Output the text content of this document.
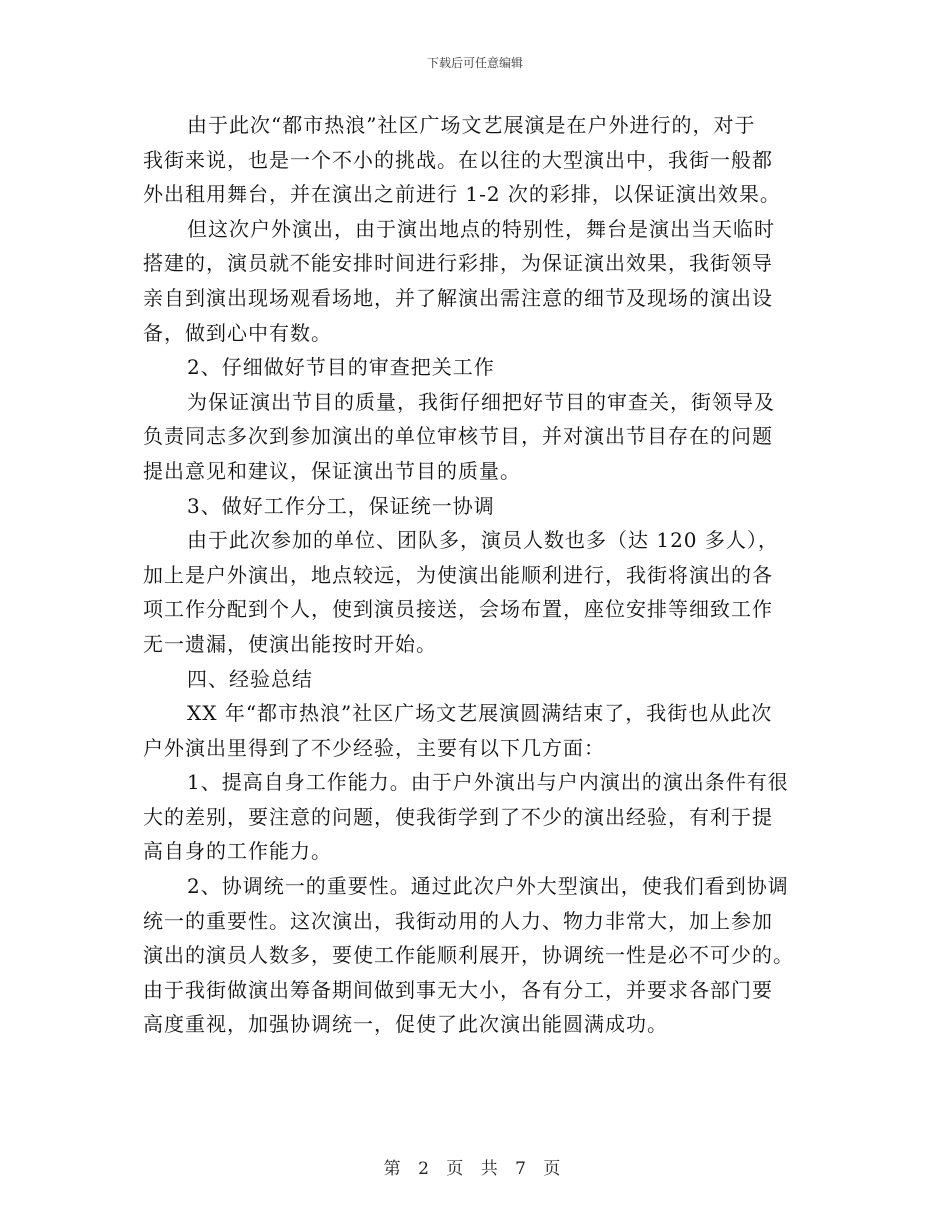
下载后可任意编辑
由于此次“都市热浪”社区广场文艺展演是在户外进行的，对于
我街来说，也是一个不小的挑战。在以往的大型演出中，我街一般都
外出租用舞台，并在演出之前进行 1-2 次的彩排，以保证演出效果。
但这次户外演出，由于演出地点的特别性，舞台是演出当天临时
搭建的，演员就不能安排时间进行彩排，为保证演出效果，我街领导
亲自到演出现场观看场地，并了解演出需注意的细节及现场的演出设
备，做到心中有数。
2、仔细做好节目的审查把关工作
为保证演出节目的质量，我街仔细把好节目的审查关，街领导及
负责同志多次到参加演出的单位审核节目，并对演出节目存在的问题
提出意见和建议，保证演出节目的质量。
3、做好工作分工，保证统一协调
由于此次参加的单位、团队多，演员人数也多（达 120 多人），
加上是户外演出，地点较远，为使演出能顺利进行，我街将演出的各
项工作分配到个人，使到演员接送，会场布置，座位安排等细致工作
无一遗漏，使演出能按时开始。
四、经验总结
XX 年“都市热浪”社区广场文艺展演圆满结束了，我街也从此次
户外演出里得到了不少经验，主要有以下几方面：
1、提高自身工作能力。由于户外演出与户内演出的演出条件有很
大的差别，要注意的问题，使我街学到了不少的演出经验，有利于提
高自身的工作能力。
2、协调统一的重要性。通过此次户外大型演出，使我们看到协调
统一的重要性。这次演出，我街动用的人力、物力非常大，加上参加
演出的演员人数多，要使工作能顺利展开，协调统一性是必不可少的。
由于我街做演出筹备期间做到事无大小，各有分工，并要求各部门要
高度重视，加强协调统一，促使了此次演出能圆满成功。
第 2 页 共 7 页
